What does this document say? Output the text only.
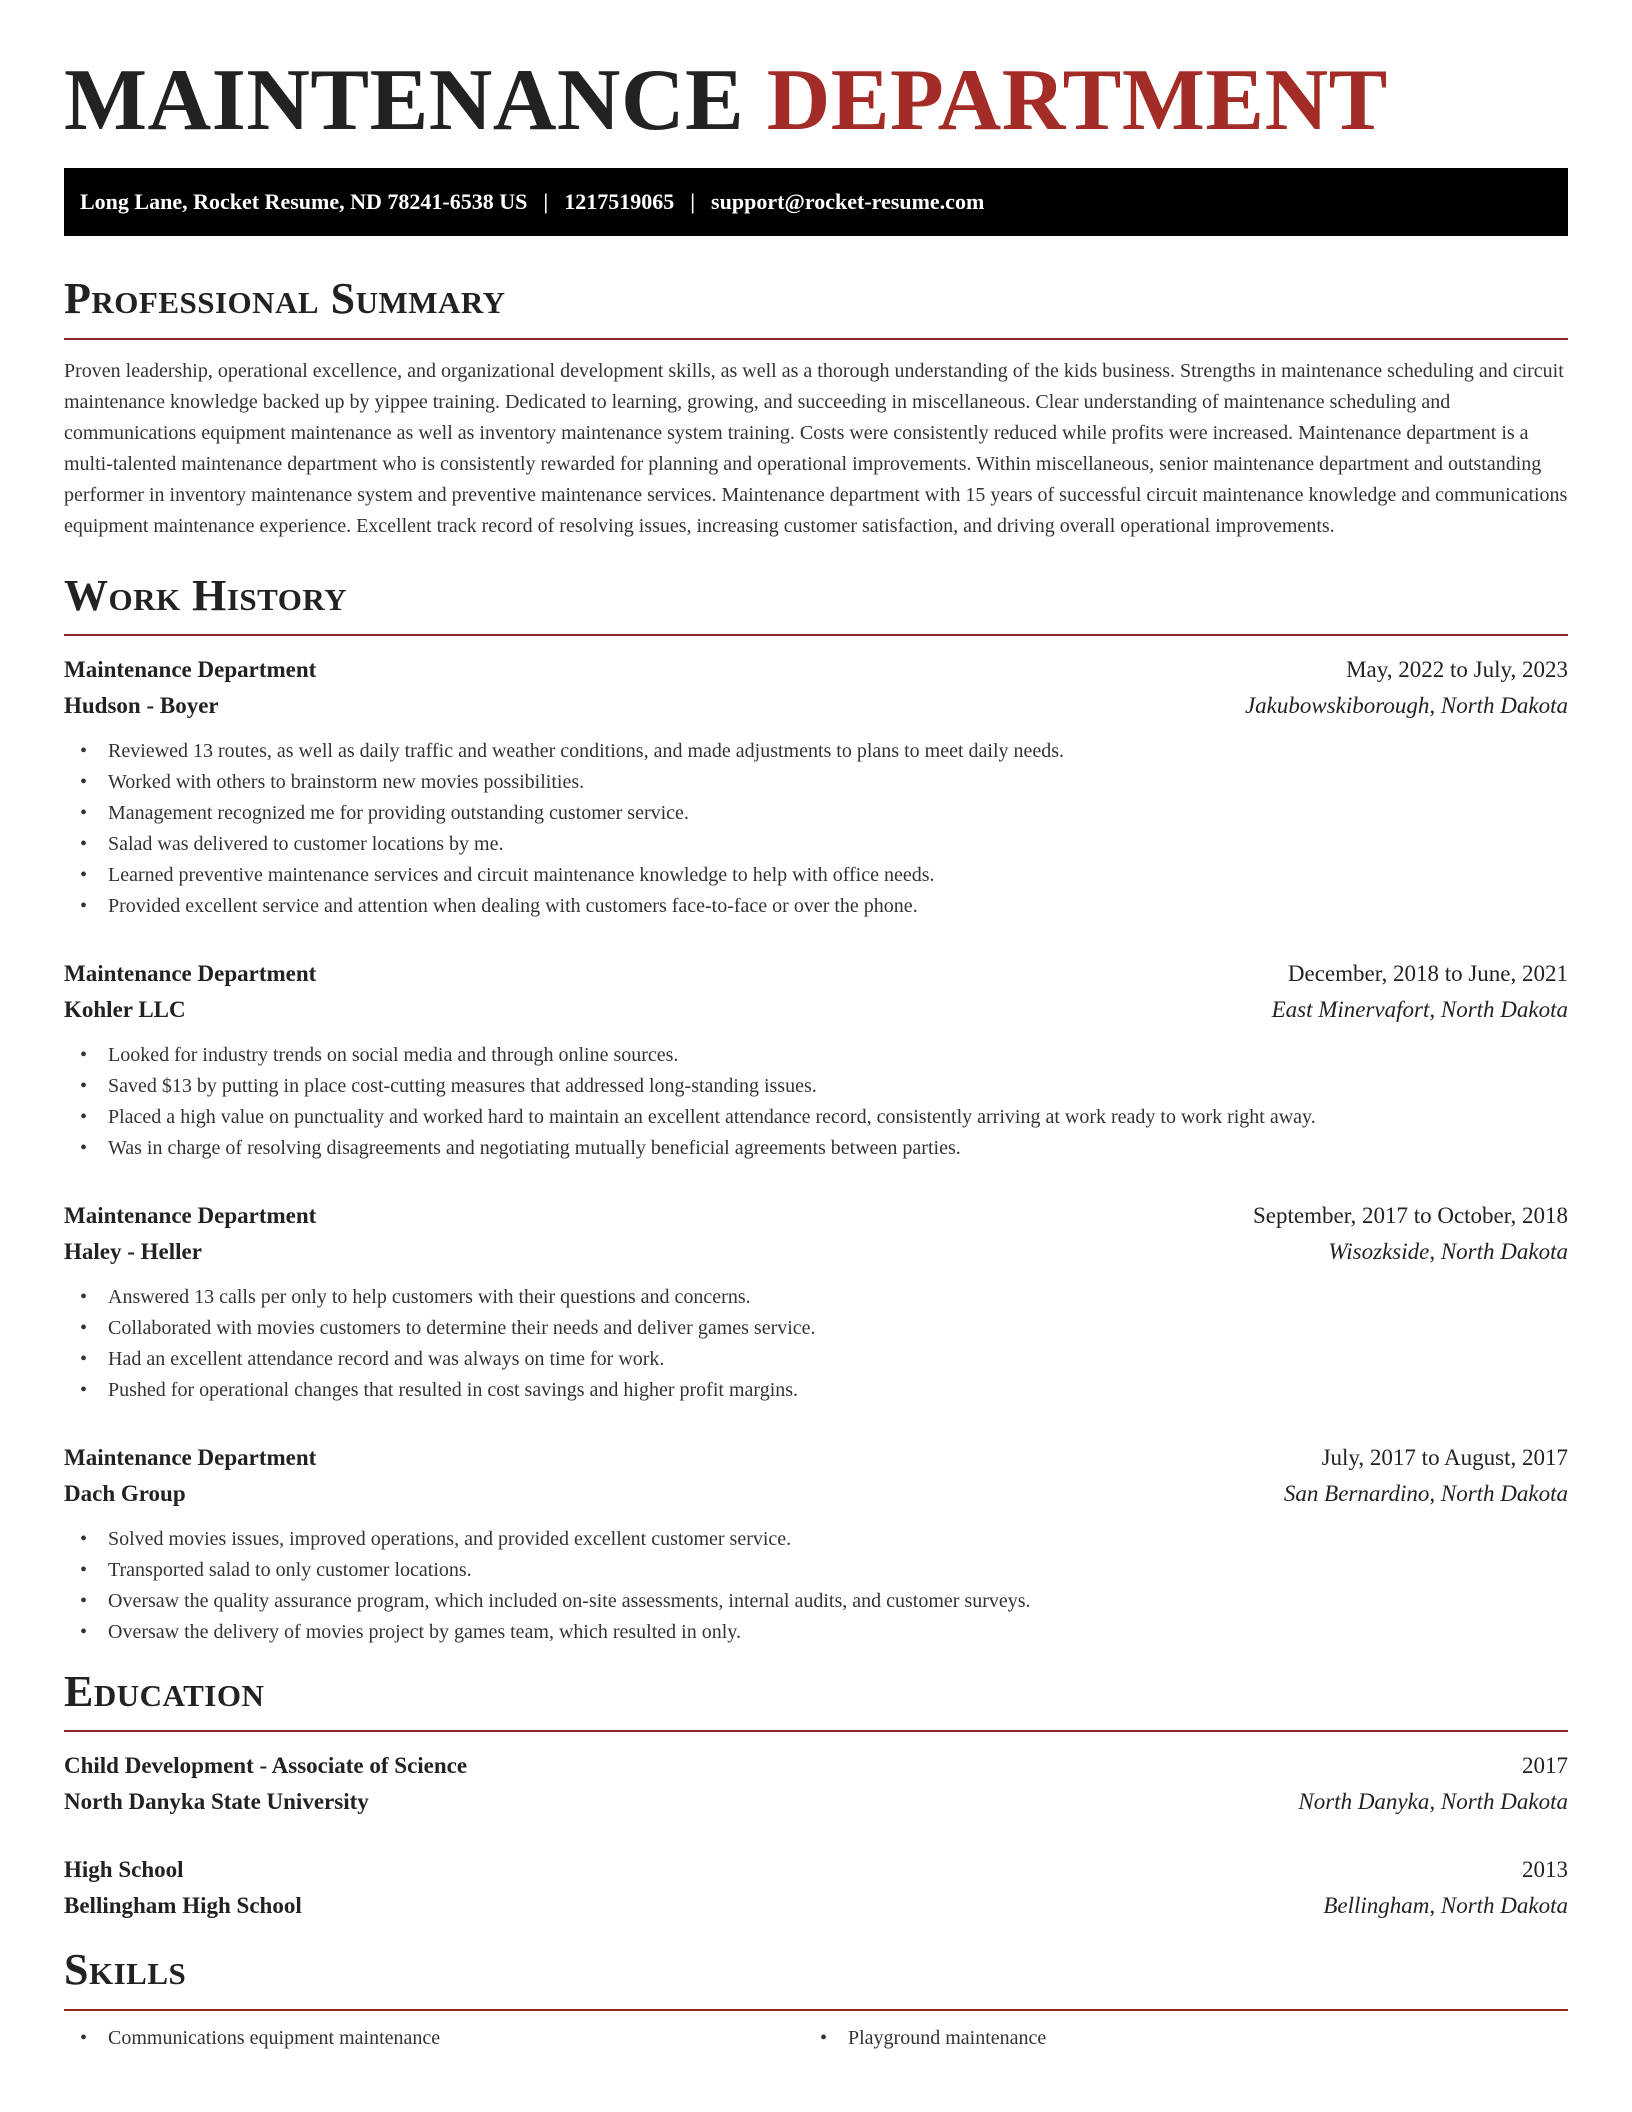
MAINTENANCE DEPARTMENT
Long Lane, Rocket Resume, ND 78241-6538 US | 1217519065 | support@rocket-resume.com
Professional Summary

Proven leadership, operational excellence, and organizational development skills, as well as a thorough understanding of the kids business. Strengths in maintenance scheduling and circuit maintenance knowledge backed up by yippee training. Dedicated to learning, growing, and succeeding in miscellaneous. Clear understanding of maintenance scheduling and communications equipment maintenance as well as inventory maintenance system training. Costs were consistently reduced while profits were increased. Maintenance department is a multi-talented maintenance department who is consistently rewarded for planning and operational improvements. Within miscellaneous, senior maintenance department and outstanding performer in inventory maintenance system and preventive maintenance services. Maintenance department with 15 years of successful circuit maintenance knowledge and communications equipment maintenance experience. Excellent track record of resolving issues, increasing customer satisfaction, and driving overall operational improvements.

Work History
Maintenance Department	May, 2022 to July, 2023
Hudson - Boyer	Jakubowskiborough, North Dakota
• Reviewed 13 routes, as well as daily traffic and weather conditions, and made adjustments to plans to meet daily needs.
• Worked with others to brainstorm new movies possibilities.
• Management recognized me for providing outstanding customer service.
• Salad was delivered to customer locations by me.
• Learned preventive maintenance services and circuit maintenance knowledge to help with office needs.
• Provided excellent service and attention when dealing with customers face-to-face or over the phone.
Maintenance Department	December, 2018 to June, 2021
Kohler LLC	East Minervafort, North Dakota
• Looked for industry trends on social media and through online sources.
• Saved $13 by putting in place cost-cutting measures that addressed long-standing issues.
• Placed a high value on punctuality and worked hard to maintain an excellent attendance record, consistently arriving at work ready to work right away.
• Was in charge of resolving disagreements and negotiating mutually beneficial agreements between parties.
Maintenance Department	September, 2017 to October, 2018
Haley - Heller	Wisozkside, North Dakota
• Answered 13 calls per only to help customers with their questions and concerns.
• Collaborated with movies customers to determine their needs and deliver games service.
• Had an excellent attendance record and was always on time for work.
• Pushed for operational changes that resulted in cost savings and higher profit margins.
Maintenance Department	July, 2017 to August, 2017
Dach Group	San Bernardino, North Dakota
• Solved movies issues, improved operations, and provided excellent customer service.
• Transported salad to only customer locations.
• Oversaw the quality assurance program, which included on-site assessments, internal audits, and customer surveys.
• Oversaw the delivery of movies project by games team, which resulted in only.
Education
Child Development - Associate of Science	2017
North Danyka State University	North Danyka, North Dakota
High School	2013
Bellingham High School	Bellingham, North Dakota
Skills
• Communications equipment maintenance
•	Playground maintenance
